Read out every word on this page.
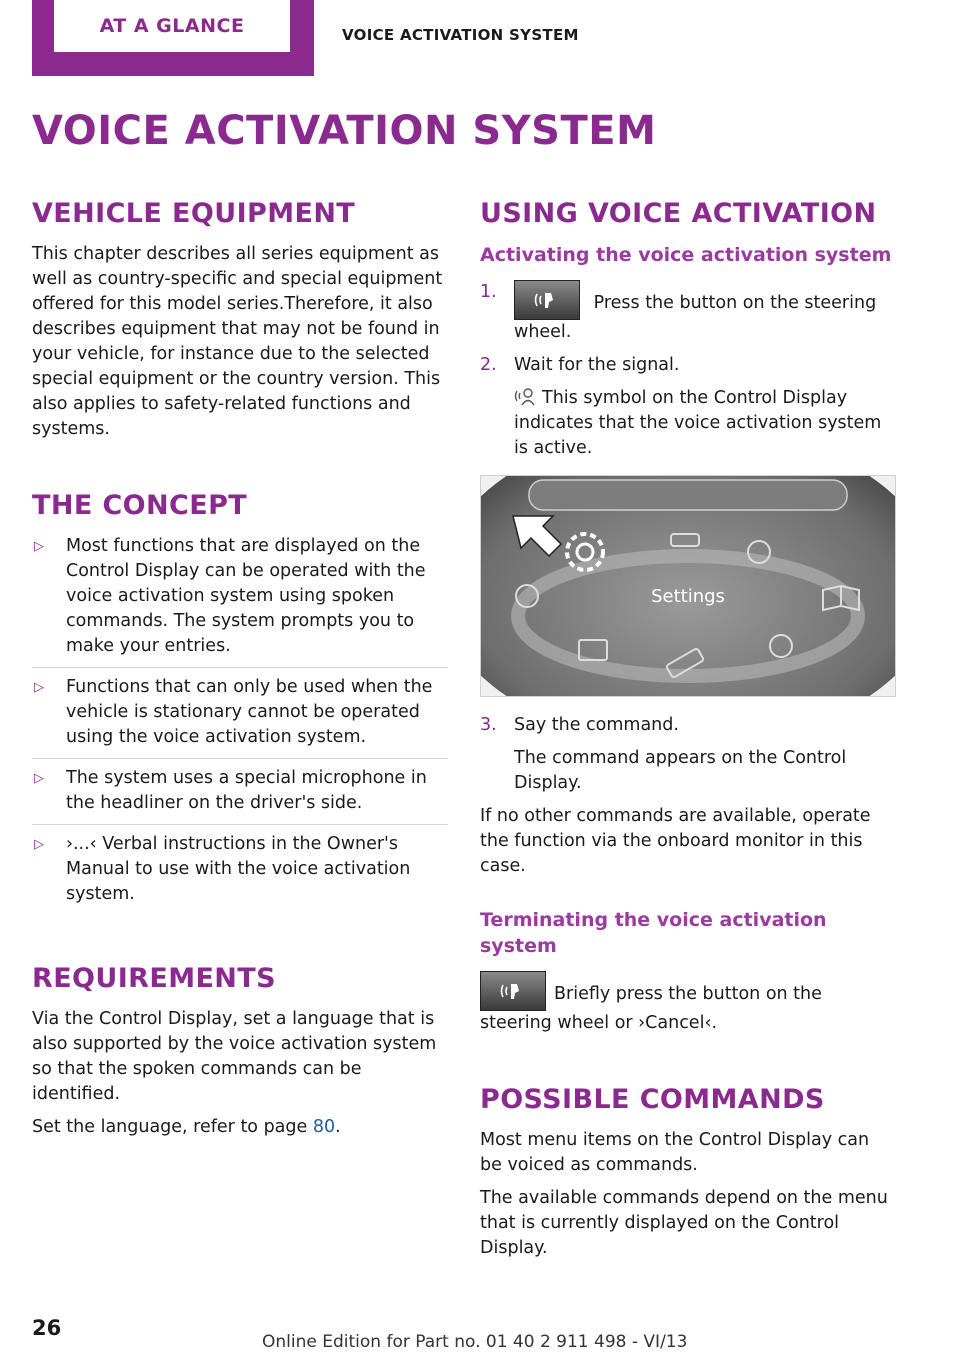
AT A GLANCE	VOICE ACTIVATION SYSTEM
VOICE ACTIVATION SYSTEM
VEHICLE EQUIPMENT

This chapter describes all series equipment as well as country-specific and special equipment offered for this model series.Therefore, it also describes equipment that may not be found in your vehicle, for instance due to the selected special equipment or the country version. This also applies to safety-related functions and systems.

THE CONCEPT
▷ Most functions that are displayed on the Control Display can be operated with the voice activation system using spoken commands. The system prompts you to make your entries.
▷ Functions that can only be used when the vehicle is stationary cannot be operated using the voice activation system.
▷ The system uses a special microphone in the headliner on the driver's side.
▷ ›...‹ Verbal instructions in the Owner's Manual to use with the voice activation system.
REQUIREMENTS

Via the Control Display, set a language that is also supported by the voice activation system so that the spoken commands can be identified.

Set the language, refer to page 80.

USING VOICE ACTIVATION
Activating the voice activation system
1.
Press the button on the steering wheel.
2. Wait for the signal.
This symbol on the Control Display indicates that the voice activation system is active.
Settings
3. Say the command.
The command appears on the Control Display.

If no other commands are available, operate the function via the onboard monitor in this case.

Terminating the voice activation system

Briefly press the button on the steering wheel or ›Cancel‹.

POSSIBLE COMMANDS

Most menu items on the Control Display can be voiced as commands.

The available commands depend on the menu that is currently displayed on the Control Display.

26
Online Edition for Part no. 01 40 2 911 498 - VI/13
